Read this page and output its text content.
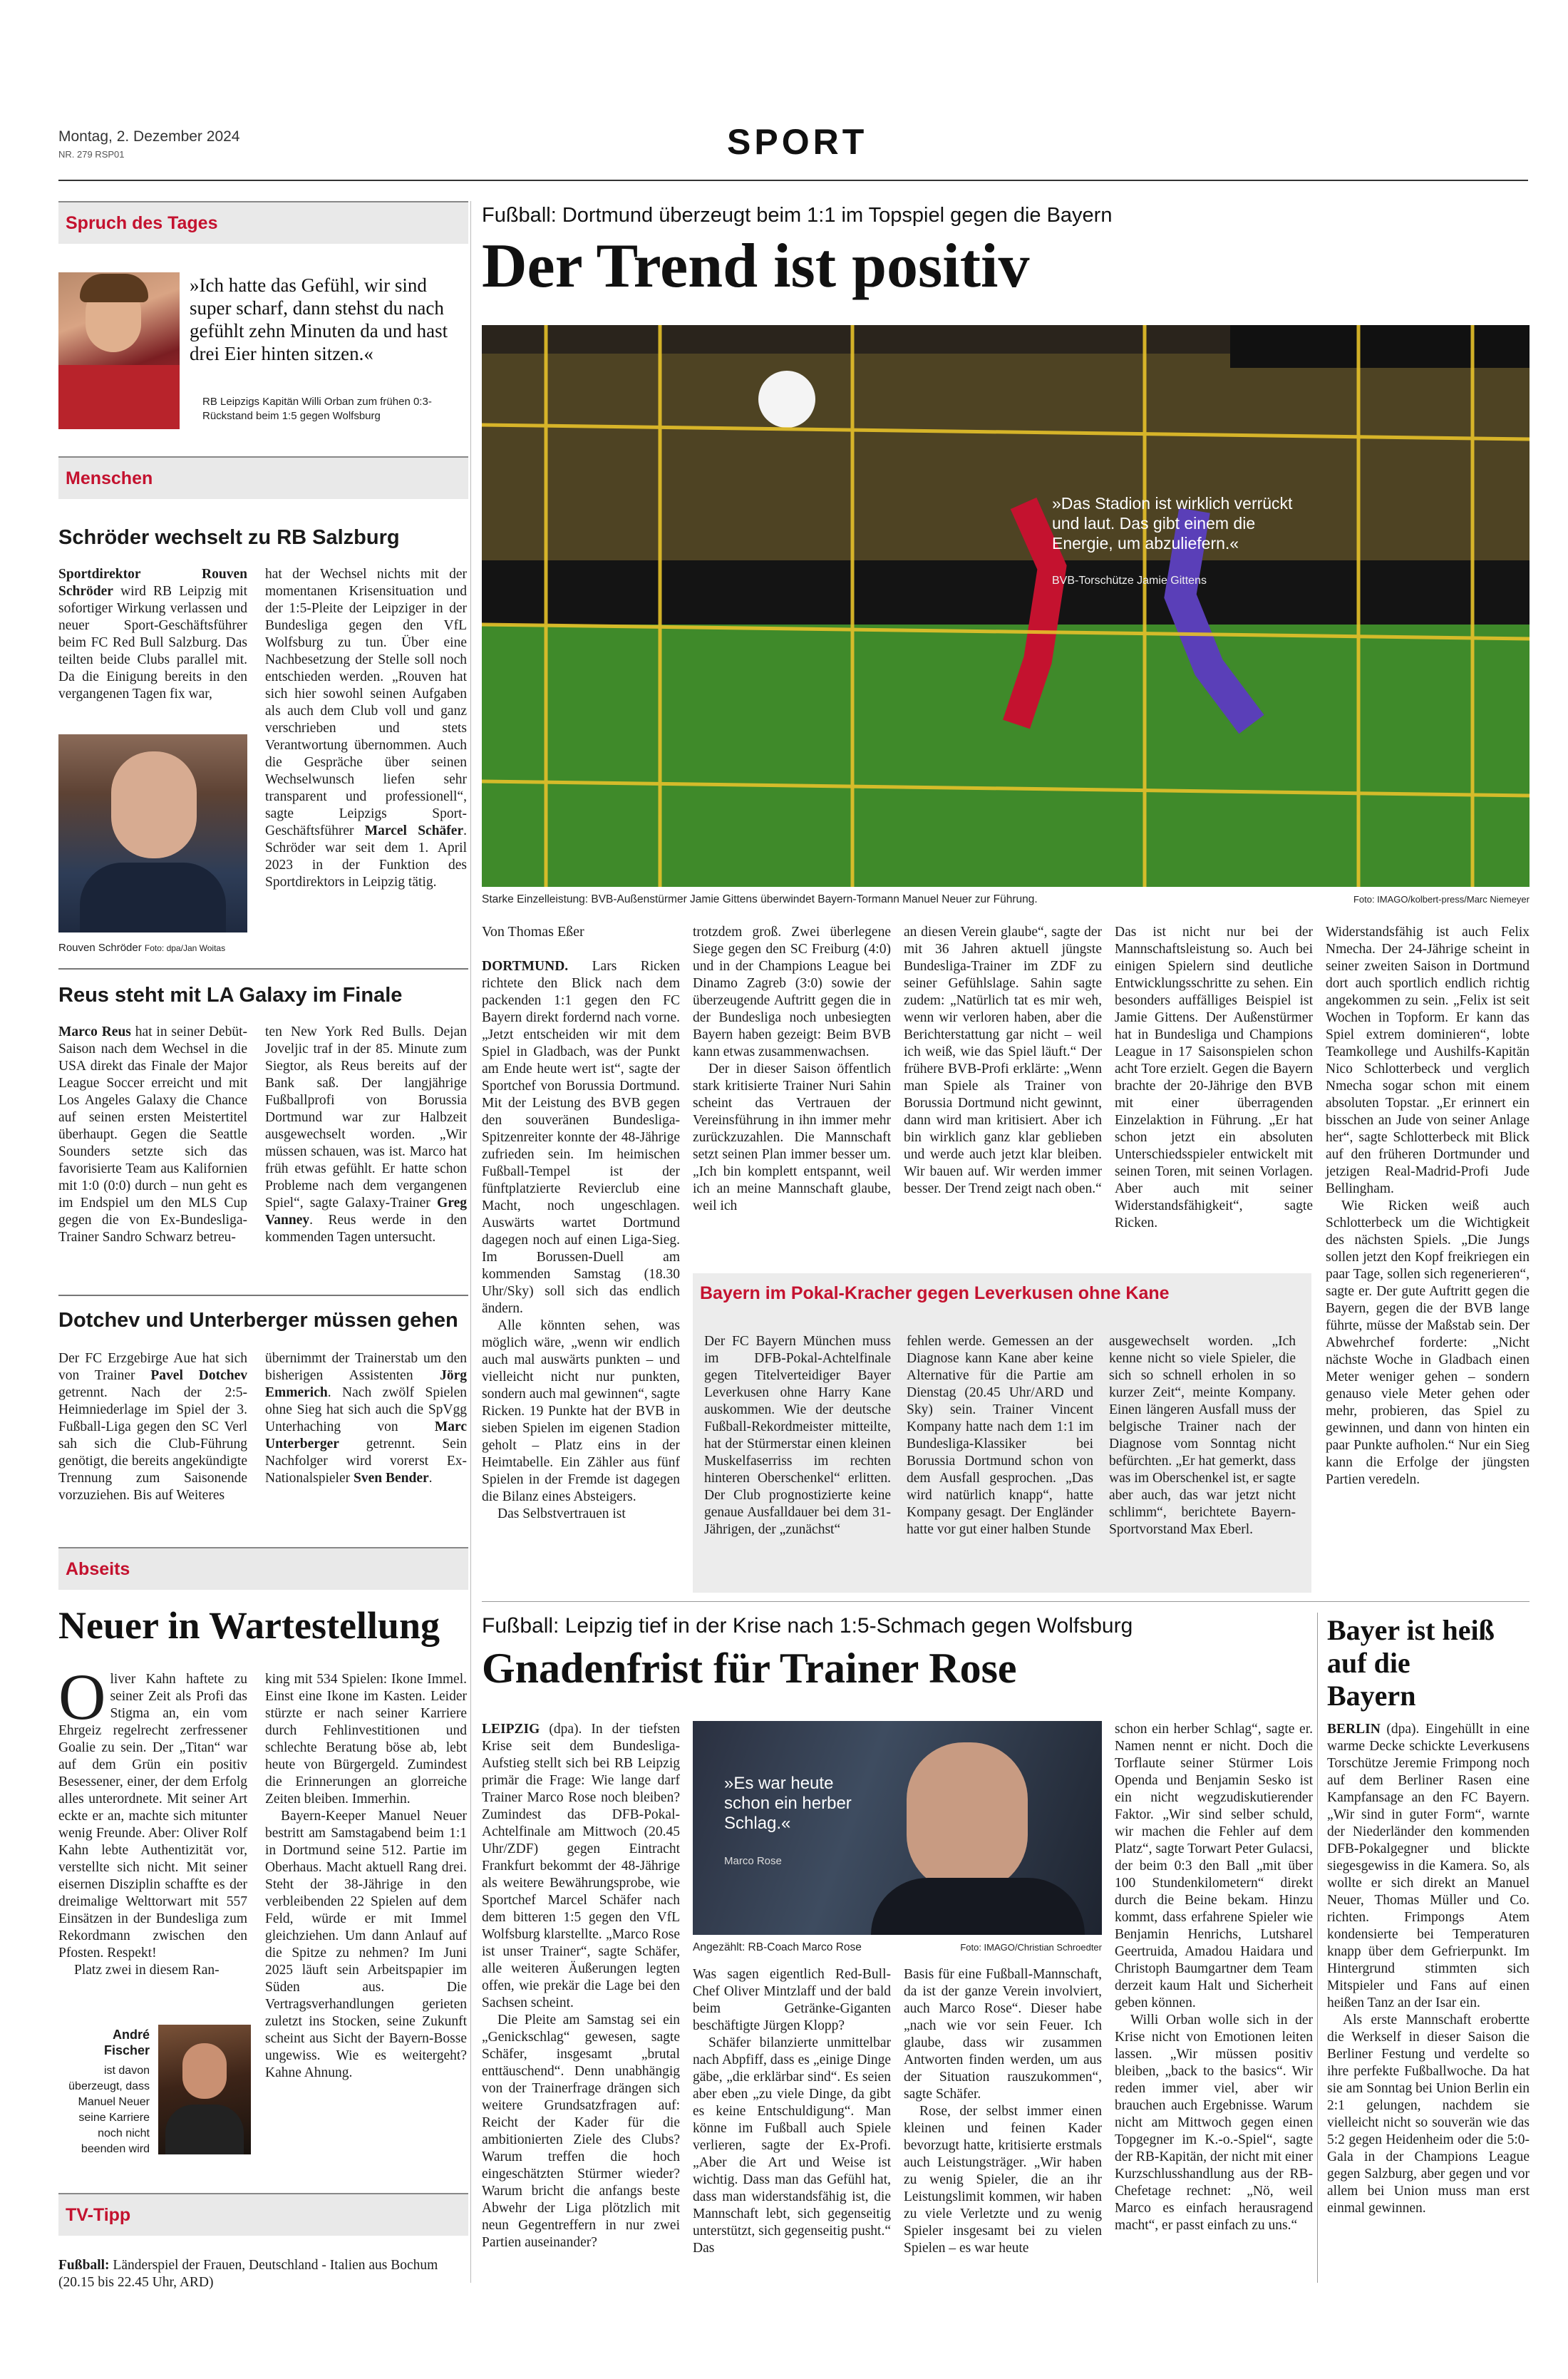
Montag, 2. Dezember 2024
NR. 279 RSP01	SPORT
Spruch des Tages
»Ich hatte das Gefühl, wir sind super scharf, dann stehst du nach gefühlt zehn Minuten da und hast drei Eier hinten sitzen.«
RB Leipzigs Kapitän Willi Orban zum frühen 0:3-Rückstand beim 1:5 gegen Wolfsburg
Menschen
Schröder wechselt zu RB Salzburg
Sportdirektor Rouven Schröder wird RB Leipzig mit sofortiger Wirkung verlassen und neuer Sport-Geschäftsführer beim FC Red Bull Salzburg. Das teilten beide Clubs parallel mit. Da die Einigung bereits in den vergangenen Tagen fix war,
Rouven Schröder Foto: dpa/Jan Woitas
hat der Wechsel nichts mit der momentanen Krisensituation und der 1:5-Pleite der Leipziger in der Bundesliga gegen den VfL Wolfsburg zu tun. Über eine Nachbesetzung der Stelle soll noch entschieden werden. „Rouven hat sich hier sowohl seinen Aufgaben als auch dem Club voll und ganz verschrieben und stets Verantwortung übernommen. Auch die Gespräche über seinen Wechselwunsch liefen sehr transparent und professionell“, sagte Leipzigs Sport-Geschäftsführer Marcel Schäfer. Schröder war seit dem 1. April 2023 in der Funktion des Sportdirektors in Leipzig tätig.
Reus steht mit LA Galaxy im Finale
Marco Reus hat in seiner Debüt-Saison nach dem Wechsel in die USA direkt das Finale der Major League Soccer erreicht und mit Los Angeles Galaxy die Chance auf seinen ersten Meistertitel überhaupt. Gegen die Seattle Sounders setzte sich das favorisierte Team aus Kalifornien mit 1:0 (0:0) durch – nun geht es im Endspiel um den MLS Cup gegen die von Ex-Bundesliga-Trainer Sandro Schwarz betreu-
ten New York Red Bulls. Dejan Joveljic traf in der 85. Minute zum Siegtor, als Reus bereits auf der Bank saß. Der langjährige Fußballprofi von Borussia Dortmund war zur Halbzeit ausgewechselt worden. „Wir müssen schauen, was ist. Marco hat früh etwas gefühlt. Er hatte schon Probleme nach dem vergangenen Spiel“, sagte Galaxy-Trainer Greg Vanney. Reus werde in den kommenden Tagen untersucht.
Dotchev und Unterberger müssen gehen
Der FC Erzgebirge Aue hat sich von Trainer Pavel Dotchev getrennt. Nach der 2:5-Heimniederlage im Spiel der 3. Fußball-Liga gegen den SC Verl sah sich die Club-Führung genötigt, die bereits angekündigte Trennung zum Saisonende vorzuziehen. Bis auf Weiteres
übernimmt der Trainerstab um den bisherigen Assistenten Jörg Emmerich. Nach zwölf Spielen ohne Sieg hat sich auch die SpVgg Unterhaching von Marc Unterberger getrennt. Sein Nachfolger wird vorerst Ex-Nationalspieler Sven Bender.
Abseits
Neuer in Wartestellung
O liver Kahn haftete zu seiner Zeit als Profi das Stigma an, ein vom Ehrgeiz regelrecht zerfressener Goalie zu sein. Der „Titan“ war auf dem Grün ein positiv Besessener, einer, der dem Erfolg alles unterordnete. Mit seiner Art eckte er an, machte sich mitunter wenig Freunde. Aber: Oliver Rolf Kahn lebte Authentizität vor, verstellte sich nicht. Mit seiner eisernen Disziplin schaffte es der dreimalige Welttorwart mit 557 Einsätzen in der Bundesliga zum Rekordmann zwischen den Pfosten. Respekt!

Platz zwei in diesem Ran-

André
Fischer
ist davon überzeugt, dass Manuel Neuer seine Karriere noch nicht beenden wird

king mit 534 Spielen: Ikone Immel. Einst eine Ikone im Kasten. Leider stürzte er nach seiner Karriere durch Fehlinvestitionen und schlechte Beratung böse ab, lebt heute von Bürgergeld. Zumindest die Erinnerungen an glorreiche Zeiten bleiben. Immerhin.

Bayern-Keeper Manuel Neuer bestritt am Samstagabend beim 1:1 in Dortmund seine 512. Partie im Oberhaus. Macht aktuell Rang drei. Steht der 38-Jährige in den verbleibenden 22 Spielen auf dem Feld, würde er mit Immel gleichziehen. Um dann Anlauf auf die Spitze zu nehmen? Im Juni 2025 läuft sein Arbeitspapier im Süden aus. Die Vertragsverhandlungen gerieten zuletzt ins Stocken, seine Zukunft scheint aus Sicht der Bayern-Bosse ungewiss. Wie es weitergeht? Kahne Ahnung.

TV-Tipp
Fußball: Länderspiel der Frauen, Deutschland - Italien aus Bochum (20.15 bis 22.45 Uhr, ARD)
Fußball: Dortmund überzeugt beim 1:1 im Topspiel gegen die Bayern
Der Trend ist positiv
»Das Stadion ist wirklich verrückt und laut. Das gibt einem die Energie, um abzuliefern.«
BVB-Torschütze Jamie Gittens
Starke Einzelleistung: BVB-Außenstürmer Jamie Gittens überwindet Bayern-Tormann Manuel Neuer zur Führung.	Foto: IMAGO/kolbert-press/Marc Niemeyer
Von Thomas Eßer

DORTMUND. Lars Ricken richtete den Blick nach dem packenden 1:1 gegen den FC Bayern direkt fordernd nach vorne. „Jetzt entscheiden wir mit dem Spiel in Gladbach, was der Punkt am Ende heute wert ist“, sagte der Sportchef von Borussia Dortmund. Mit der Leistung des BVB gegen den souveränen Bundesliga-Spitzenreiter konnte der 48-Jährige zufrieden sein. Im heimischen Fußball-Tempel ist der fünftplatzierte Revierclub eine Macht, noch ungeschlagen. Auswärts wartet Dortmund dagegen noch auf einen Liga-Sieg. Im Borussen-Duell am kommenden Samstag (18.30 Uhr/Sky) soll sich das endlich ändern.

Alle könnten sehen, was möglich wäre, „wenn wir endlich auch mal auswärts punkten – und vielleicht nicht nur punkten, sondern auch mal gewinnen“, sagte Ricken. 19 Punkte hat der BVB in sieben Spielen im eigenen Stadion geholt – Platz eins in der Heimtabelle. Ein Zähler aus fünf Spielen in der Fremde ist dagegen die Bilanz eines Absteigers.

Das Selbstvertrauen ist

trotzdem groß. Zwei überlegene Siege gegen den SC Freiburg (4:0) und in der Champions League bei Dinamo Zagreb (3:0) sowie der überzeugende Auftritt gegen die in der Bundesliga noch unbesiegten Bayern haben gezeigt: Beim BVB kann etwas zusammenwachsen.

Der in dieser Saison öffentlich stark kritisierte Trainer Nuri Sahin scheint das Vertrauen der Vereinsführung in ihn immer mehr zurückzuzahlen. Die Mannschaft setzt seinen Plan immer besser um. „Ich bin komplett entspannt, weil ich an meine Mannschaft glaube, weil ich

an diesen Verein glaube“, sagte der mit 36 Jahren aktuell jüngste Bundesliga-Trainer im ZDF zu seiner Gefühlslage. Sahin sagte zudem: „Natürlich tat es mir weh, wenn wir verloren haben, aber die Berichterstattung gar nicht – weil ich weiß, wie das Spiel läuft.“ Der frühere BVB-Profi erklärte: „Wenn man Spiele als Trainer von Borussia Dortmund nicht gewinnt, dann wird man kritisiert. Aber ich bin wirklich ganz klar geblieben und werde auch jetzt klar bleiben. Wir bauen auf. Wir werden immer besser. Der Trend zeigt nach oben.“
Das ist nicht nur bei der Mannschaftsleistung so. Auch bei einigen Spielern sind deutliche Entwicklungsschritte zu sehen. Ein besonders auffälliges Beispiel ist Jamie Gittens. Der Außenstürmer hat in Bundesliga und Champions League in 17 Saisonspielen schon acht Tore erzielt. Gegen die Bayern brachte der 20-Jährige den BVB mit einer überragenden Einzelaktion in Führung. „Er hat schon jetzt ein absoluten Unterschiedsspieler entwickelt mit seinen Toren, mit seinen Vorlagen. Aber auch mit seiner Widerstandsfähigkeit“, sagte Ricken.

Widerstandsfähig ist auch Felix Nmecha. Der 24-Jährige scheint in seiner zweiten Saison in Dortmund dort auch sportlich endlich richtig angekommen zu sein. „Felix ist seit Wochen in Topform. Er kann das Spiel extrem dominieren“, lobte Teamkollege und Aushilfs-Kapitän Nico Schlotterbeck und verglich Nmecha sogar schon mit einem absoluten Topstar. „Er erinnert ein bisschen an Jude von seiner Anlage her“, sagte Schlotterbeck mit Blick auf den früheren Dortmunder und jetzigen Real-Madrid-Profi Jude Bellingham.

Wie Ricken weiß auch Schlotterbeck um die Wichtigkeit des nächsten Spiels. „Die Jungs sollen jetzt den Kopf freikriegen ein paar Tage, sollen sich regenerieren“, sagte er. Der gute Auftritt gegen die Bayern, gegen die der BVB lange führte, müsse der Maßstab sein. Der Abwehrchef forderte: „Nicht nächste Woche in Gladbach einen Meter weniger gehen – sondern genauso viele Meter gehen oder mehr, probieren, das Spiel zu gewinnen, und dann von hinten ein paar Punkte aufholen.“ Nur ein Sieg kann die Erfolge der jüngsten Partien veredeln.

Bayern im Pokal-Kracher gegen Leverkusen ohne Kane
Der FC Bayern München muss im DFB-Pokal-Achtelfinale gegen Titelverteidiger Bayer Leverkusen ohne Harry Kane auskommen. Wie der deutsche Fußball-Rekordmeister mitteilte, hat der Stürmerstar einen kleinen Muskelfaserriss im rechten hinteren Oberschenkel“ erlitten. Der Club prognostizierte keine genaue Ausfalldauer bei dem 31-Jährigen, der „zunächst“
fehlen werde. Gemessen an der Diagnose kann Kane aber keine Alternative für die Partie am Dienstag (20.45 Uhr/ARD und Sky) sein. Trainer Vincent Kompany hatte nach dem 1:1 im Bundesliga-Klassiker bei Borussia Dortmund schon von dem Ausfall gesprochen. „Das wird natürlich knapp“, hatte Kompany gesagt. Der Engländer hatte vor gut einer halben Stunde
ausgewechselt worden. „Ich kenne nicht so viele Spieler, die sich so schnell erholen in so kurzer Zeit“, meinte Kompany. Einen längeren Ausfall muss der belgische Trainer nach der Diagnose vom Sonntag nicht befürchten. „Er hat gemerkt, dass was im Oberschenkel ist, er sagte aber auch, das war jetzt nicht schlimm“, berichtete Bayern-Sportvorstand Max Eberl.
Fußball: Leipzig tief in der Krise nach 1:5-Schmach gegen Wolfsburg
Gnadenfrist für Trainer Rose

LEIPZIG (dpa). In der tiefsten Krise seit dem Bundesliga-Aufstieg stellt sich bei RB Leipzig primär die Frage: Wie lange darf Trainer Marco Rose noch bleiben? Zumindest das DFB-Pokal-Achtelfinale am Mittwoch (20.45 Uhr/ZDF) gegen Eintracht Frankfurt bekommt der 48-Jährige als weitere Bewährungsprobe, wie Sportchef Marcel Schäfer nach dem bitteren 1:5 gegen den VfL Wolfsburg klarstellte. „Marco Rose ist unser Trainer“, sagte Schäfer, alle weiteren Äußerungen legten offen, wie prekär die Lage bei den Sachsen scheint.

Die Pleite am Samstag sei ein „Genickschlag“ gewesen, sagte Schäfer, insgesamt „brutal enttäuschend“. Denn unabhängig von der Trainerfrage drängen sich weitere Grundsatzfragen auf: Reicht der Kader für die ambitionierten Ziele des Clubs? Warum treffen die hoch eingeschätzten Stürmer wieder? Warum bricht die anfangs beste Abwehr der Liga plötzlich mit neun Gegentreffern in nur zwei Partien auseinander?

»Es war heute schon ein herber Schlag.«
Marco Rose
Angezählt: RB-Coach Marco Rose	Foto: IMAGO/Christian Schroedter

Was sagen eigentlich Red-Bull-Chef Oliver Mintzlaff und der bald beim Getränke-Giganten beschäftigte Jürgen Klopp?

Schäfer bilanzierte unmittelbar nach Abpfiff, dass es „einige Dinge gäbe, „die erklärbar sind“. Es seien aber eben „zu viele Dinge, da gibt es keine Entschuldigung“. Man könne im Fußball auch Spiele verlieren, sagte der Ex-Profi. „Aber die Art und Weise ist wichtig. Dass man das Gefühl hat, dass man widerstandsfähig ist, die Mannschaft lebt, sich gegenseitig unterstützt, sich gegenseitig pusht.“ Das

Basis für eine Fußball-Mannschaft, da ist der ganze Verein involviert, auch Marco Rose“. Dieser habe „nach wie vor sein Feuer. Ich glaube, dass wir zusammen Antworten finden werden, um aus der Situation rauszukommen“, sagte Schäfer.

Rose, der selbst immer einen kleinen und feinen Kader bevorzugt hatte, kritisierte erstmals auch Leistungsträger. „Wir haben zu wenig Spieler, die an ihr Leistungslimit kommen, wir haben zu viele Verletzte und zu wenig Spieler insgesamt bei zu vielen Spielen – es war heute

schon ein herber Schlag“, sagte er. Namen nennt er nicht. Doch die Torflaute seiner Stürmer Lois Openda und Benjamin Sesko ist ein nicht wegzudiskutierender Faktor. „Wir sind selber schuld, wir machen die Fehler auf dem Platz“, sagte Torwart Peter Gulacsi, der beim 0:3 den Ball „mit über 100 Stundenkilometern“ direkt durch die Beine bekam. Hinzu kommt, dass erfahrene Spieler wie Benjamin Henrichs, Lutsharel Geertruida, Amadou Haidara und Christoph Baumgartner dem Team derzeit kaum Halt und Sicherheit geben können.

Willi Orban wolle sich in der Krise nicht von Emotionen leiten lassen. „Wir müssen positiv bleiben, „back to the basics“. Wir reden immer viel, aber wir brauchen auch Ergebnisse. Warum nicht am Mittwoch gegen einen Topgegner im K.-o.-Spiel“, sagte der RB-Kapitän, der nicht mit einer Kurzschlusshandlung aus der RB-Chefetage rechnet: „Nö, weil Marco es einfach herausragend macht“, er passt einfach zu uns.“

Bayer ist heiß auf die Bayern

BERLIN (dpa). Eingehüllt in eine warme Decke schickte Leverkusens Torschütze Jeremie Frimpong noch auf dem Berliner Rasen eine Kampfansage an den FC Bayern. „Wir sind in guter Form“, warnte der Niederländer den kommenden DFB-Pokalgegner und blickte siegesgewiss in die Kamera. So, als wollte er sich direkt an Manuel Neuer, Thomas Müller und Co. richten. Frimpongs Atem kondensierte bei Temperaturen knapp über dem Gefrierpunkt. Im Hintergrund stimmten sich Mitspieler und Fans auf einen heißen Tanz an der Isar ein.

Als erste Mannschaft erobertte die Werkself in dieser Saison die Berliner Festung und verdelte so ihre perfekte Fußballwoche. Da hat sie am Sonntag bei Union Berlin ein 2:1 gelungen, nachdem sie vielleicht nicht so souverän wie das 5:2 gegen Heidenheim oder die 5:0-Gala in der Champions League gegen Salzburg, aber gegen und vor allem bei Union muss man erst einmal gewinnen.
